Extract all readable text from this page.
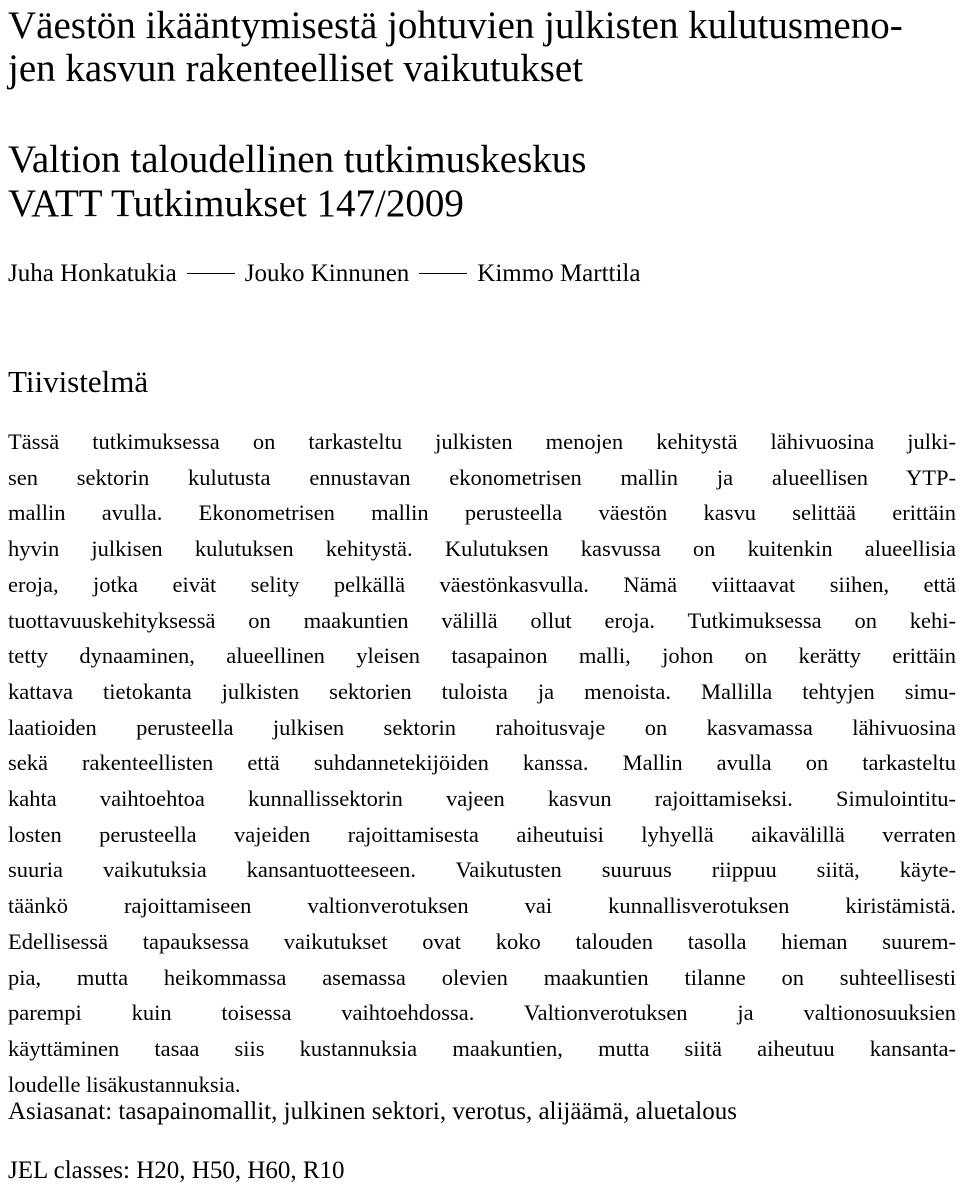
Väestön ikääntymisestä johtuvien julkisten kulutusmeno-
jen kasvun rakenteelliset vaikutukset
Valtion taloudellinen tutkimuskeskus
VATT Tutkimukset 147/2009
Juha Honkatukia	Jouko Kinnunen	Kimmo Marttila
Tiivistelmä
Tässä tutkimuksessa on tarkasteltu julkisten menojen kehitystä lähivuosina julki-
sen sektorin kulutusta ennustavan ekonometrisen mallin ja alueellisen YTP-
mallin avulla. Ekonometrisen mallin perusteella väestön kasvu selittää erittäin
hyvin julkisen kulutuksen kehitystä. Kulutuksen kasvussa on kuitenkin alueellisia
eroja, jotka eivät selity pelkällä väestönkasvulla. Nämä viittaavat siihen, että
tuottavuuskehityksessä on maakuntien välillä ollut eroja. Tutkimuksessa on kehi-
tetty dynaaminen, alueellinen yleisen tasapainon malli, johon on kerätty erittäin
kattava tietokanta julkisten sektorien tuloista ja menoista. Mallilla tehtyjen simu-
laatioiden perusteella julkisen sektorin rahoitusvaje on kasvamassa lähivuosina
sekä rakenteellisten että suhdannetekijöiden kanssa. Mallin avulla on tarkasteltu
kahta vaihtoehtoa kunnallissektorin vajeen kasvun rajoittamiseksi. Simulointitu-
losten perusteella vajeiden rajoittamisesta aiheutuisi lyhyellä aikavälillä verraten
suuria vaikutuksia kansantuotteeseen. Vaikutusten suuruus riippuu siitä, käyte-
täänkö rajoittamiseen valtionverotuksen vai kunnallisverotuksen kiristämistä.
Edellisessä tapauksessa vaikutukset ovat koko talouden tasolla hieman suurem-
pia, mutta heikommassa asemassa olevien maakuntien tilanne on suhteellisesti
parempi kuin toisessa vaihtoehdossa. Valtionverotuksen ja valtionosuuksien
käyttäminen tasaa siis kustannuksia maakuntien, mutta siitä aiheutuu kansanta-
loudelle lisäkustannuksia.
Asiasanat: tasapainomallit, julkinen sektori, verotus, alijäämä, aluetalous
JEL classes: H20, H50, H60, R10
